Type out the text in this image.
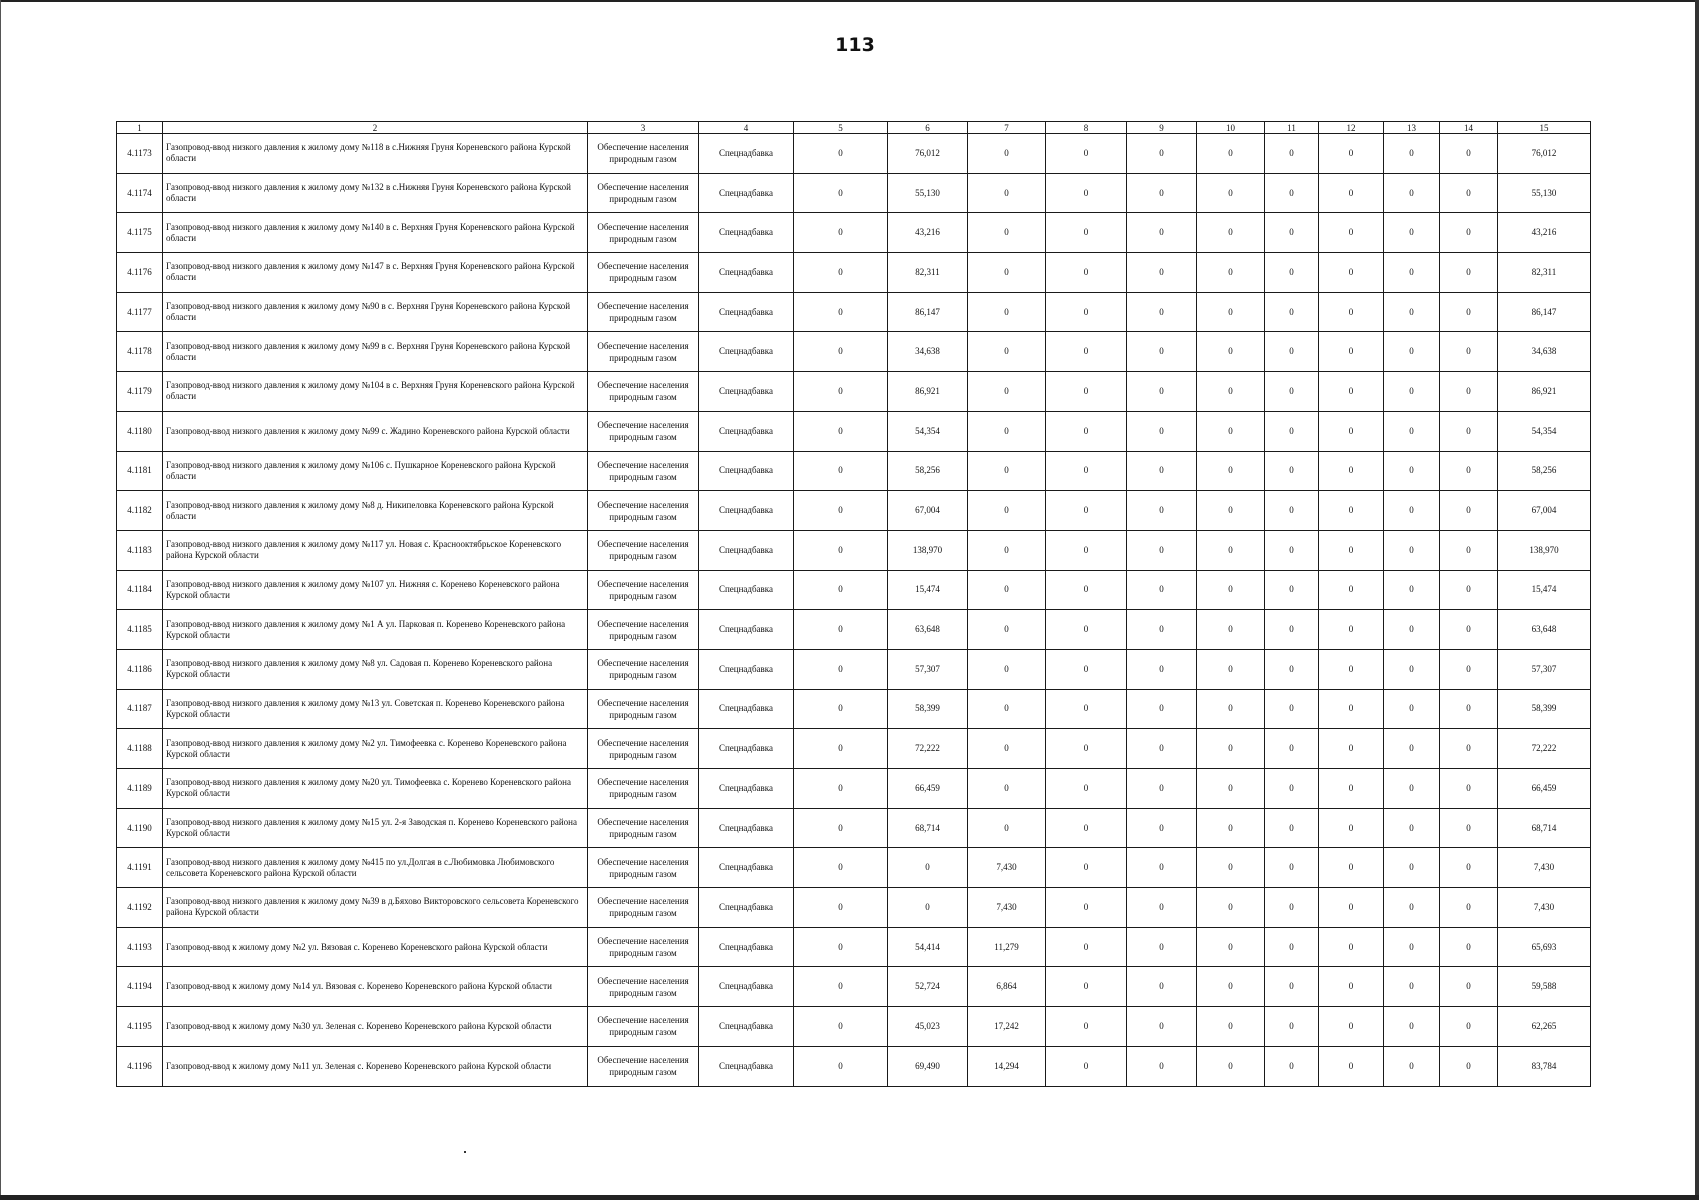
113
1	2	3	4	5	6	7	8	9	10	11	12	13	14	15
4.1173	Газопровод-ввод низкого давления к жилому дому №118 в с.Нижняя Груня Кореневского района Курской области	Обеспечение населения природным газом	Спецнадбавка	0	76,012	0	0	0	0	0	0	0	0	76,012
4.1174	Газопровод-ввод низкого давления к жилому дому №132 в с.Нижняя Груня Кореневского района Курской области	Обеспечение населения природным газом	Спецнадбавка	0	55,130	0	0	0	0	0	0	0	0	55,130
4.1175	Газопровод-ввод низкого давления к жилому дому №140 в с. Верхняя Груня Кореневского района Курской области	Обеспечение населения природным газом	Спецнадбавка	0	43,216	0	0	0	0	0	0	0	0	43,216
4.1176	Газопровод-ввод низкого давления к жилому дому №147 в с. Верхняя Груня Кореневского района Курской области	Обеспечение населения природным газом	Спецнадбавка	0	82,311	0	0	0	0	0	0	0	0	82,311
4.1177	Газопровод-ввод низкого давления к жилому дому №90 в с. Верхняя Груня Кореневского района Курской области	Обеспечение населения природным газом	Спецнадбавка	0	86,147	0	0	0	0	0	0	0	0	86,147
4.1178	Газопровод-ввод низкого давления к жилому дому №99 в с. Верхняя Груня Кореневского района Курской области	Обеспечение населения природным газом	Спецнадбавка	0	34,638	0	0	0	0	0	0	0	0	34,638
4.1179	Газопровод-ввод низкого давления к жилому дому №104 в с. Верхняя Груня Кореневского района Курской области	Обеспечение населения природным газом	Спецнадбавка	0	86,921	0	0	0	0	0	0	0	0	86,921
4.1180	Газопровод-ввод низкого давления к жилому дому №99 с. Жадино Кореневского района Курской области	Обеспечение населения природным газом	Спецнадбавка	0	54,354	0	0	0	0	0	0	0	0	54,354
4.1181	Газопровод-ввод низкого давления к жилому дому №106 с. Пушкарное Кореневского района Курской области	Обеспечение населения природным газом	Спецнадбавка	0	58,256	0	0	0	0	0	0	0	0	58,256
4.1182	Газопровод-ввод низкого давления к жилому дому №8 д. Никипеловка Кореневского района Курской области	Обеспечение населения природным газом	Спецнадбавка	0	67,004	0	0	0	0	0	0	0	0	67,004
4.1183	Газопровод-ввод низкого давления к жилому дому №117 ул. Новая с. Краснооктябрьское Кореневского района Курской области	Обеспечение населения природным газом	Спецнадбавка	0	138,970	0	0	0	0	0	0	0	0	138,970
4.1184	Газопровод-ввод низкого давления к жилому дому №107 ул. Нижняя с. Коренево Кореневского района Курской области	Обеспечение населения природным газом	Спецнадбавка	0	15,474	0	0	0	0	0	0	0	0	15,474
4.1185	Газопровод-ввод низкого давления к жилому дому №1 А ул. Парковая п. Коренево Кореневского района Курской области	Обеспечение населения природным газом	Спецнадбавка	0	63,648	0	0	0	0	0	0	0	0	63,648
4.1186	Газопровод-ввод низкого давления к жилому дому №8 ул. Садовая п. Коренево Кореневского района Курской области	Обеспечение населения природным газом	Спецнадбавка	0	57,307	0	0	0	0	0	0	0	0	57,307
4.1187	Газопровод-ввод низкого давления к жилому дому №13 ул. Советская п. Коренево Кореневского района Курской области	Обеспечение населения природным газом	Спецнадбавка	0	58,399	0	0	0	0	0	0	0	0	58,399
4.1188	Газопровод-ввод низкого давления к жилому дому №2 ул. Тимофеевка с. Коренево Кореневского района Курской области	Обеспечение населения природным газом	Спецнадбавка	0	72,222	0	0	0	0	0	0	0	0	72,222
4.1189	Газопровод-ввод низкого давления к жилому дому №20 ул. Тимофеевка с. Коренево Кореневского района Курской области	Обеспечение населения природным газом	Спецнадбавка	0	66,459	0	0	0	0	0	0	0	0	66,459
4.1190	Газопровод-ввод низкого давления к жилому дому №15 ул. 2-я Заводская п. Коренево Кореневского района Курской области	Обеспечение населения природным газом	Спецнадбавка	0	68,714	0	0	0	0	0	0	0	0	68,714
4.1191	Газопровод-ввод низкого давления к жилому дому №415 по ул.Долгая в с.Любимовка Любимовского сельсовета Кореневского района Курской области	Обеспечение населения природным газом	Спецнадбавка	0	0	7,430	0	0	0	0	0	0	0	7,430
4.1192	Газопровод-ввод низкого давления к жилому дому №39 в д.Бяхово Викторовского сельсовета Кореневского района Курской области	Обеспечение населения природным газом	Спецнадбавка	0	0	7,430	0	0	0	0	0	0	0	7,430
4.1193	Газопровод-ввод к жилому дому №2 ул. Вязовая с. Коренево Кореневского района Курской области	Обеспечение населения природным газом	Спецнадбавка	0	54,414	11,279	0	0	0	0	0	0	0	65,693
4.1194	Газопровод-ввод к жилому дому №14 ул. Вязовая с. Коренево Кореневского района Курской области	Обеспечение населения природным газом	Спецнадбавка	0	52,724	6,864	0	0	0	0	0	0	0	59,588
4.1195	Газопровод-ввод к жилому дому №30 ул. Зеленая с. Коренево Кореневского района Курской области	Обеспечение населения природным газом	Спецнадбавка	0	45,023	17,242	0	0	0	0	0	0	0	62,265
4.1196	Газопровод-ввод к жилому дому №11 ул. Зеленая с. Коренево Кореневского района Курской области	Обеспечение населения природным газом	Спецнадбавка	0	69,490	14,294	0	0	0	0	0	0	0	83,784
